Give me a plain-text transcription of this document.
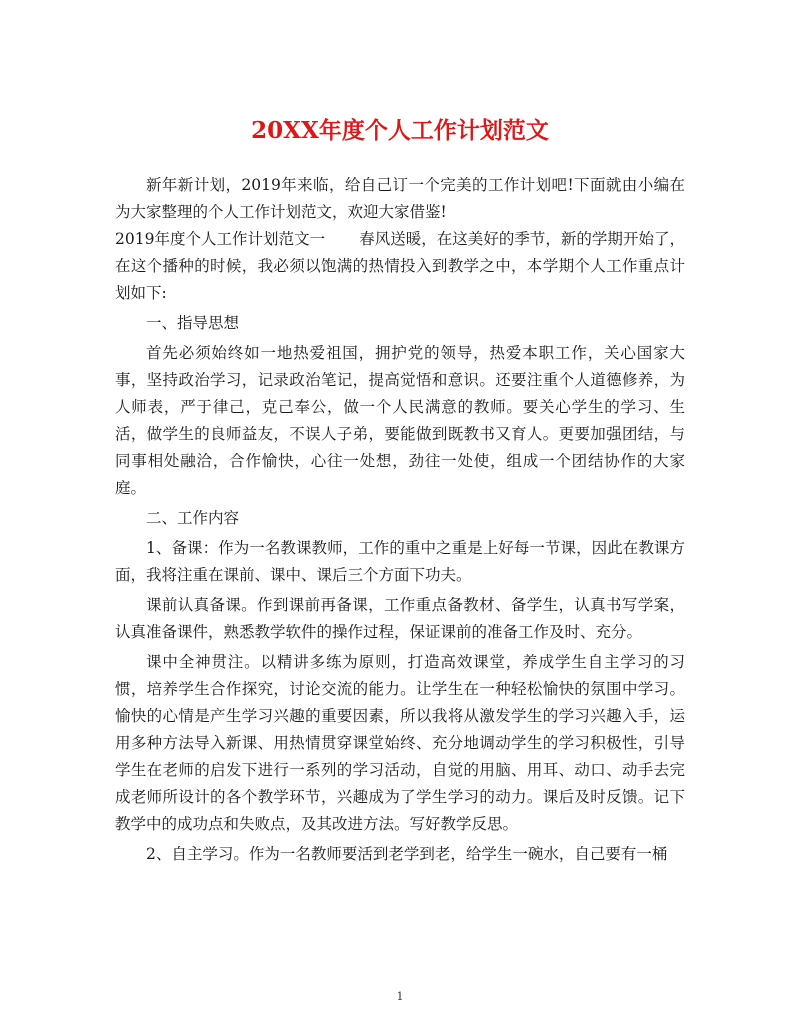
20XX年度个人工作计划范文

新年新计划，2019年来临，给自己订一个完美的工作计划吧!下面就由小编在为大家整理的个人工作计划范文，欢迎大家借鉴!

2019年度个人工作计划范文一 春风送暖，在这美好的季节，新的学期开始了，在这个播种的时候，我必须以饱满的热情投入到教学之中，本学期个人工作重点计划如下:

一、指导思想

首先必须始终如一地热爱祖国，拥护党的领导，热爱本职工作，关心国家大事，坚持政治学习，记录政治笔记，提高觉悟和意识。还要注重个人道德修养，为人师表，严于律己，克己奉公，做一个人民满意的教师。要关心学生的学习、生活，做学生的良师益友，不误人子弟，要能做到既教书又育人。更要加强团结，与同事相处融洽，合作愉快，心往一处想，劲往一处使，组成一个团结协作的大家庭。

二、工作内容

1、备课：作为一名教课教师，工作的重中之重是上好每一节课，因此在教课方面，我将注重在课前、课中、课后三个方面下功夫。

课前认真备课。作到课前再备课，工作重点备教材、备学生，认真书写学案，认真准备课件，熟悉教学软件的操作过程，保证课前的准备工作及时、充分。

课中全神贯注。以精讲多练为原则，打造高效课堂，养成学生自主学习的习惯，培养学生合作探究，讨论交流的能力。让学生在一种轻松愉快的氛围中学习。愉快的心情是产生学习兴趣的重要因素，所以我将从激发学生的学习兴趣入手，运用多种方法导入新课、用热情贯穿课堂始终、充分地调动学生的学习积极性，引导学生在老师的启发下进行一系列的学习活动，自觉的用脑、用耳、动口、动手去完成老师所设计的各个教学环节，兴趣成为了学生学习的动力。课后及时反馈。记下教学中的成功点和失败点，及其改进方法。写好教学反思。

2、自主学习。作为一名教师要活到老学到老，给学生一碗水，自己要有一桶

1
